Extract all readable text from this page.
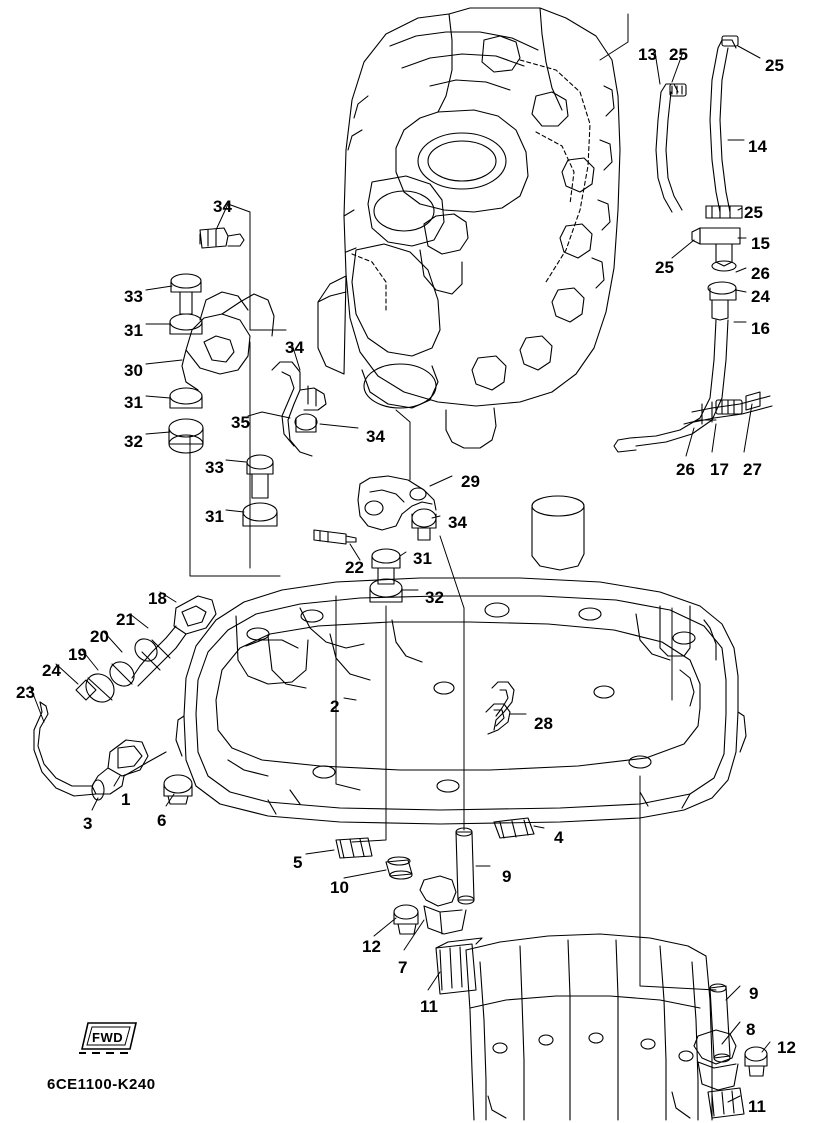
FWD
6CE1100-K240
13 25
25
14
34	25
15
25	26
24
33
31	16
34
30
31
35
34
32
26 17 27
33
29
31	34
31
22
32
18
21
20
19
24
23
2
28
1
3	6
4
5
9
10
12
7
9
11
8
12
11
